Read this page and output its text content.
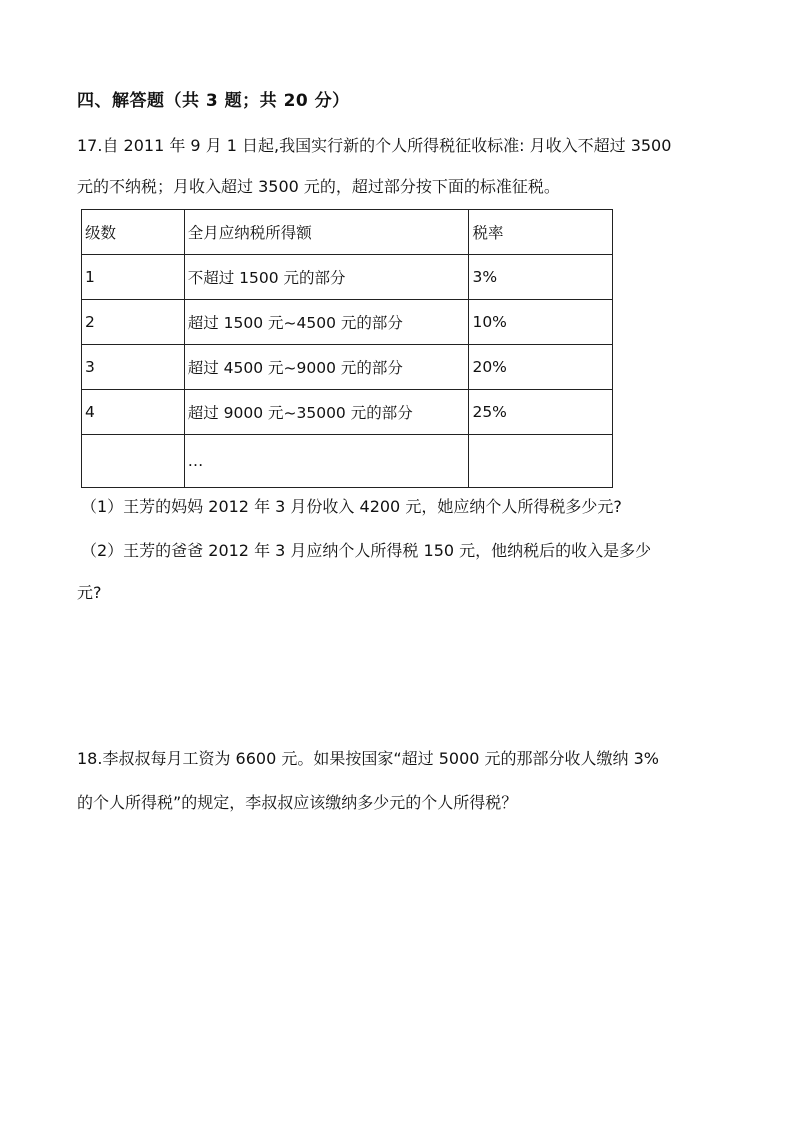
四、解答题（共 3 题；共 20 分）
17.自 2011 年 9 月 1 日起,我国实行新的个人所得税征收标准: 月收入不超过 3500
元的不纳税；月收入超过 3500 元的，超过部分按下面的标准征税。
级数	全月应纳税所得额	税率
1	不超过 1500 元的部分	3%
2	超过 1500 元~4500 元的部分	10%
3	超过 4500 元~9000 元的部分	20%
4	超过 9000 元~35000 元的部分	25%
	…	
（1）王芳的妈妈 2012 年 3 月份收入 4200 元，她应纳个人所得税多少元?
（2）王芳的爸爸 2012 年 3 月应纳个人所得税 150 元，他纳税后的收入是多少
元?
18.李叔叔每月工资为 6600 元。如果按国家“超过 5000 元的那部分收人缴纳 3%
的个人所得税”的规定，李叔叔应该缴纳多少元的个人所得税？
